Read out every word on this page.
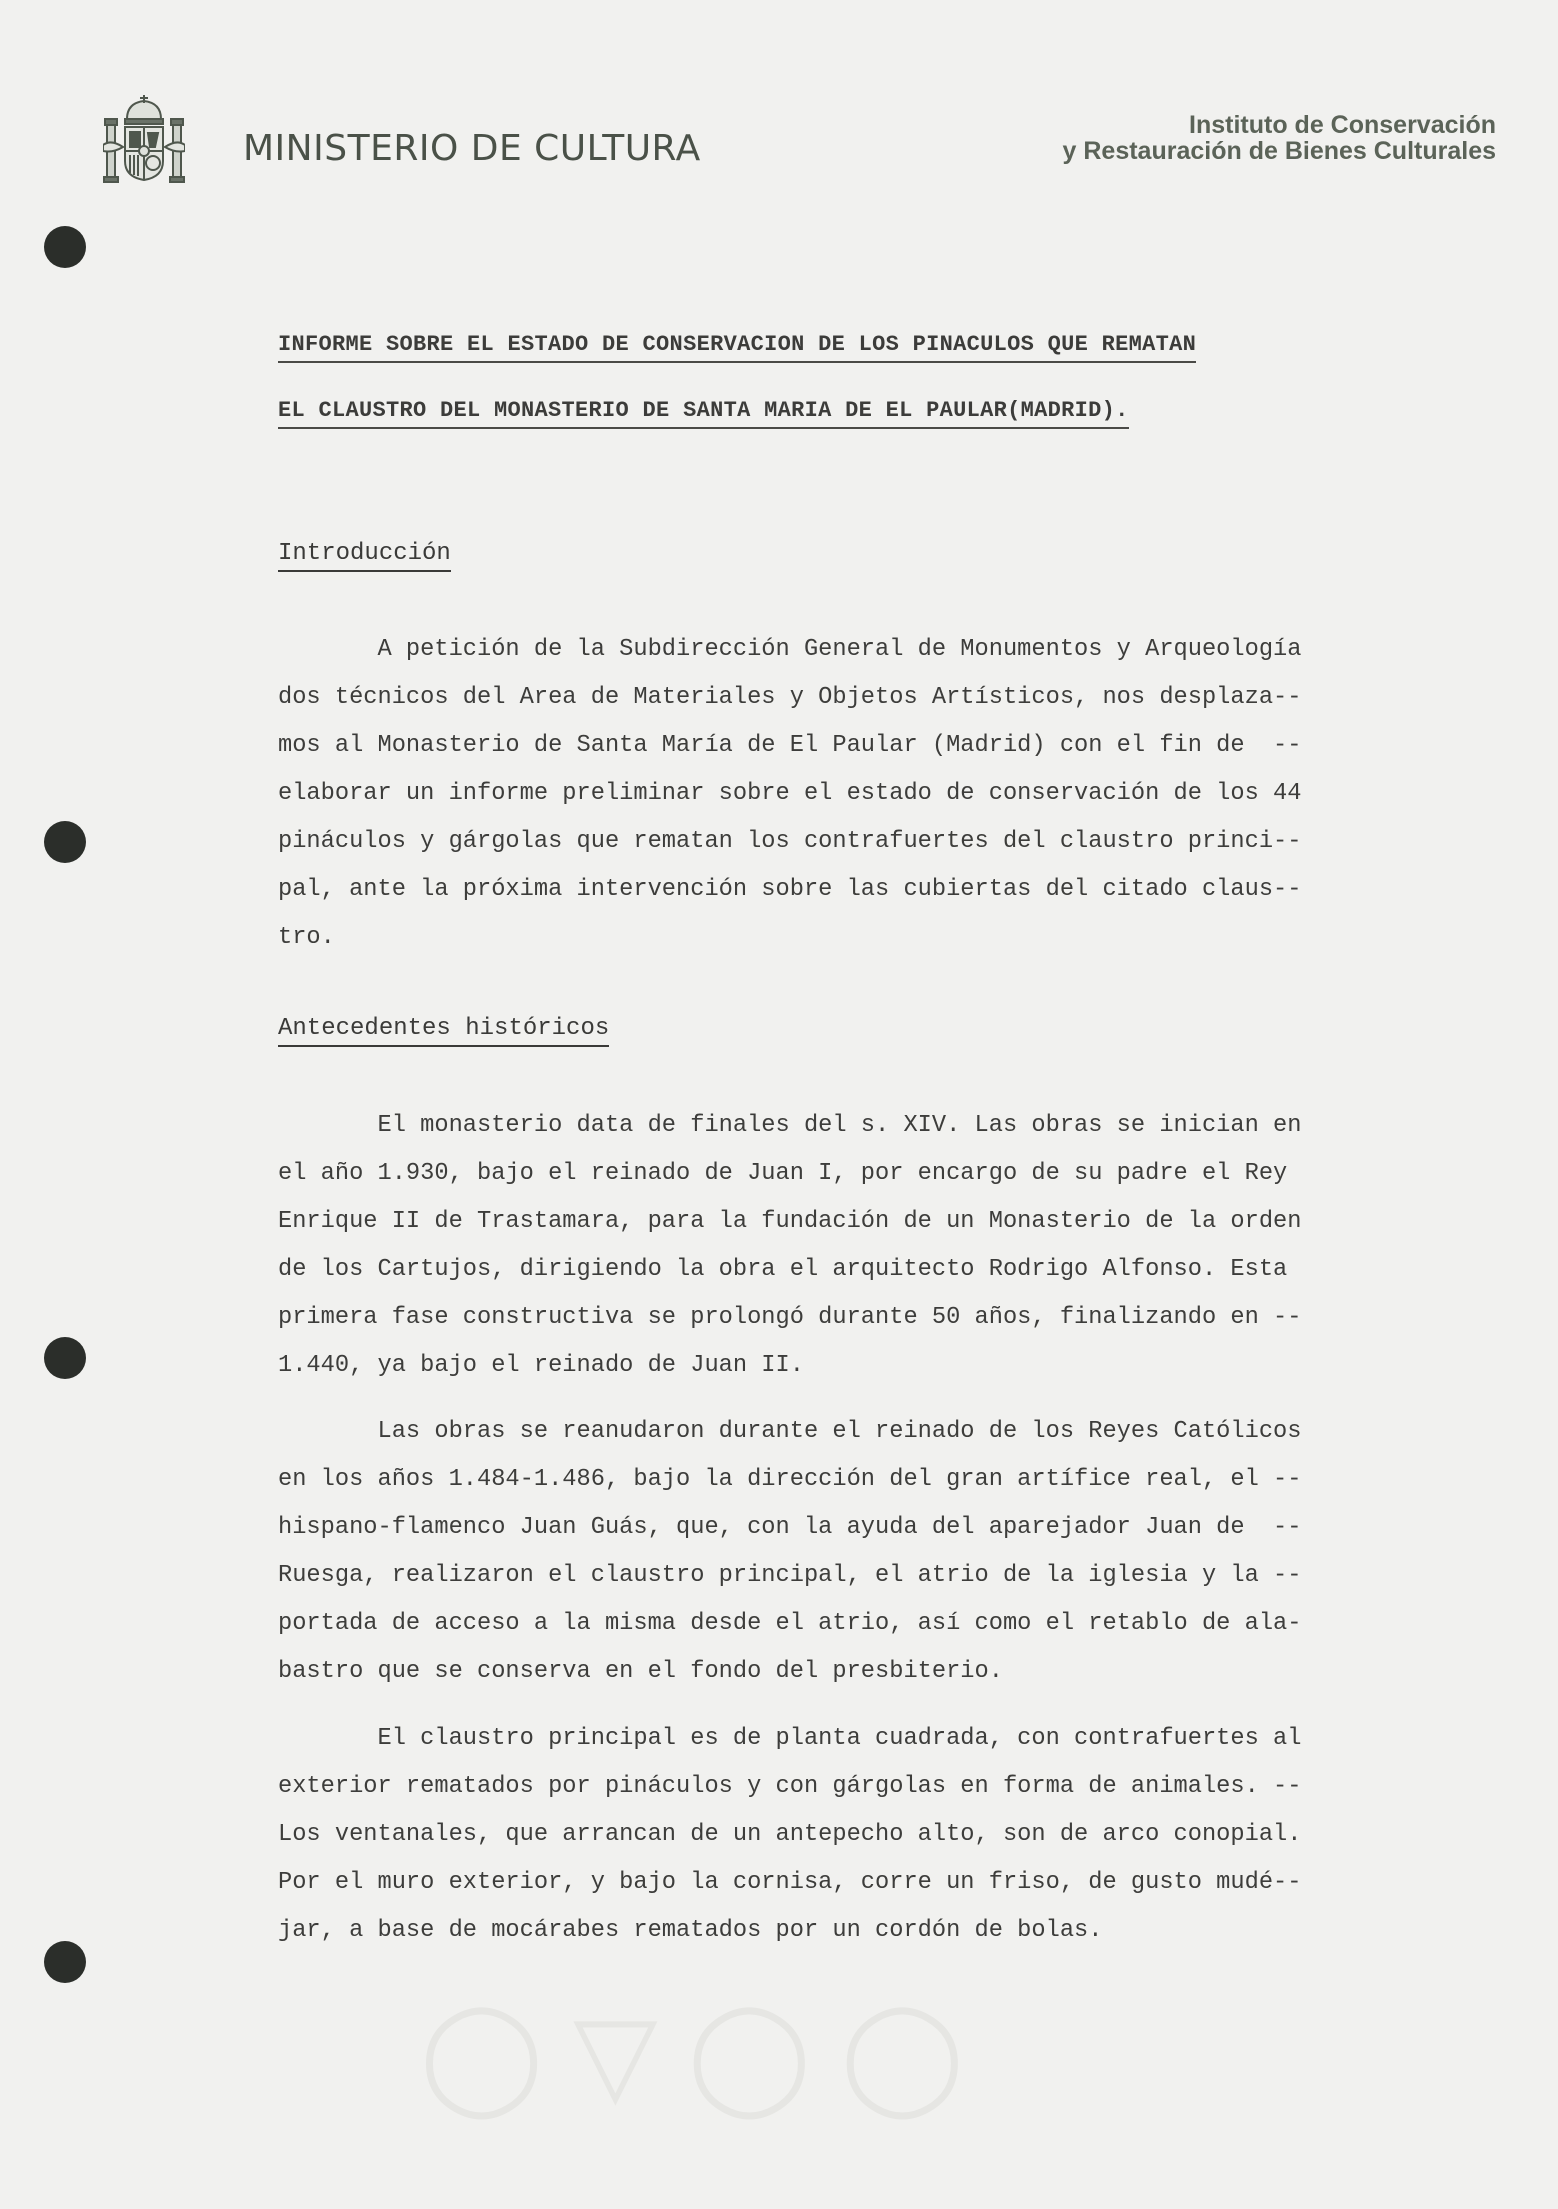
MINISTERIO DE CULTURA
Instituto de Conservación
y Restauración de Bienes Culturales
INFORME SOBRE EL ESTADO DE CONSERVACION DE LOS PINACULOS QUE REMATAN
EL CLAUSTRO DEL MONASTERIO DE SANTA MARIA DE EL PAULAR(MADRID).
Introducción
A petición de la Subdirección General de Monumentos y Arqueología
dos técnicos del Area de Materiales y Objetos Artísticos, nos desplaza--
mos al Monasterio de Santa María de El Paular (Madrid) con el fin de  --
elaborar un informe preliminar sobre el estado de conservación de los 44
pináculos y gárgolas que rematan los contrafuertes del claustro princi--
pal, ante la próxima intervención sobre las cubiertas del citado claus--
tro.
Antecedentes históricos
El monasterio data de finales del s. XIV. Las obras se inician en
el año 1.930, bajo el reinado de Juan I, por encargo de su padre el Rey
Enrique II de Trastamara, para la fundación de un Monasterio de la orden
de los Cartujos, dirigiendo la obra el arquitecto Rodrigo Alfonso. Esta
primera fase constructiva se prolongó durante 50 años, finalizando en --
1.440, ya bajo el reinado de Juan II.
Las obras se reanudaron durante el reinado de los Reyes Católicos
en los años 1.484-1.486, bajo la dirección del gran artífice real, el --
hispano-flamenco Juan Guás, que, con la ayuda del aparejador Juan de  --
Ruesga, realizaron el claustro principal, el atrio de la iglesia y la --
portada de acceso a la misma desde el atrio, así como el retablo de ala-
bastro que se conserva en el fondo del presbiterio.
El claustro principal es de planta cuadrada, con contrafuertes al
exterior rematados por pináculos y con gárgolas en forma de animales. --
Los ventanales, que arrancan de un antepecho alto, son de arco conopial.
Por el muro exterior, y bajo la cornisa, corre un friso, de gusto mudé--
jar, a base de mocárabes rematados por un cordón de bolas.
◯▽◯◯
